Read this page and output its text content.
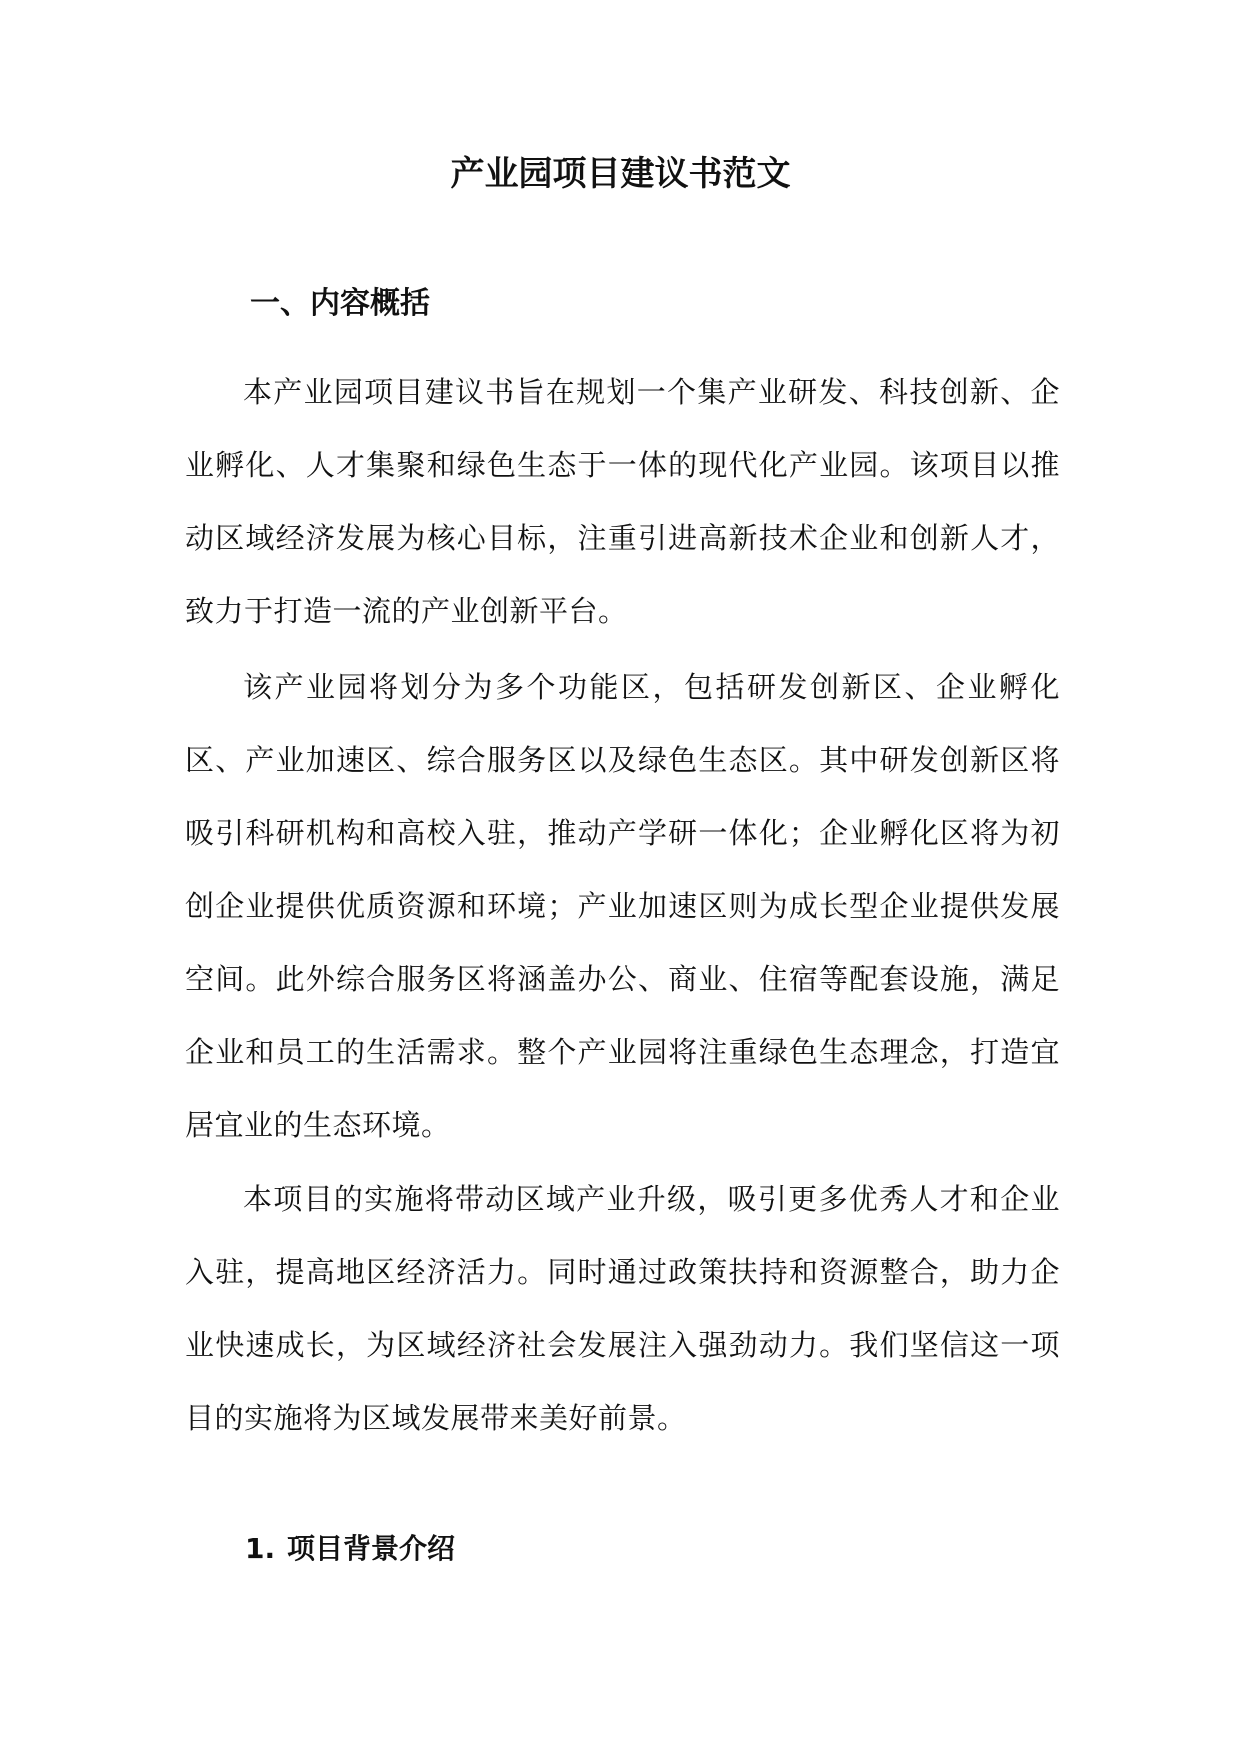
产业园项目建议书范文
一、内容概括

本产业园项目建议书旨在规划一个集产业研发、科技创新、企业孵化、人才集聚和绿色生态于一体的现代化产业园。该项目以推动区域经济发展为核心目标，注重引进高新技术企业和创新人才，致力于打造一流的产业创新平台。

该产业园将划分为多个功能区，包括研发创新区、企业孵化区、产业加速区、综合服务区以及绿色生态区。其中研发创新区将吸引科研机构和高校入驻，推动产学研一体化；企业孵化区将为初创企业提供优质资源和环境；产业加速区则为成长型企业提供发展空间。此外综合服务区将涵盖办公、商业、住宿等配套设施，满足企业和员工的生活需求。整个产业园将注重绿色生态理念，打造宜居宜业的生态环境。

本项目的实施将带动区域产业升级，吸引更多优秀人才和企业入驻，提高地区经济活力。同时通过政策扶持和资源整合，助力企业快速成长，为区域经济社会发展注入强劲动力。我们坚信这一项目的实施将为区域发展带来美好前景。

1. 项目背景介绍
